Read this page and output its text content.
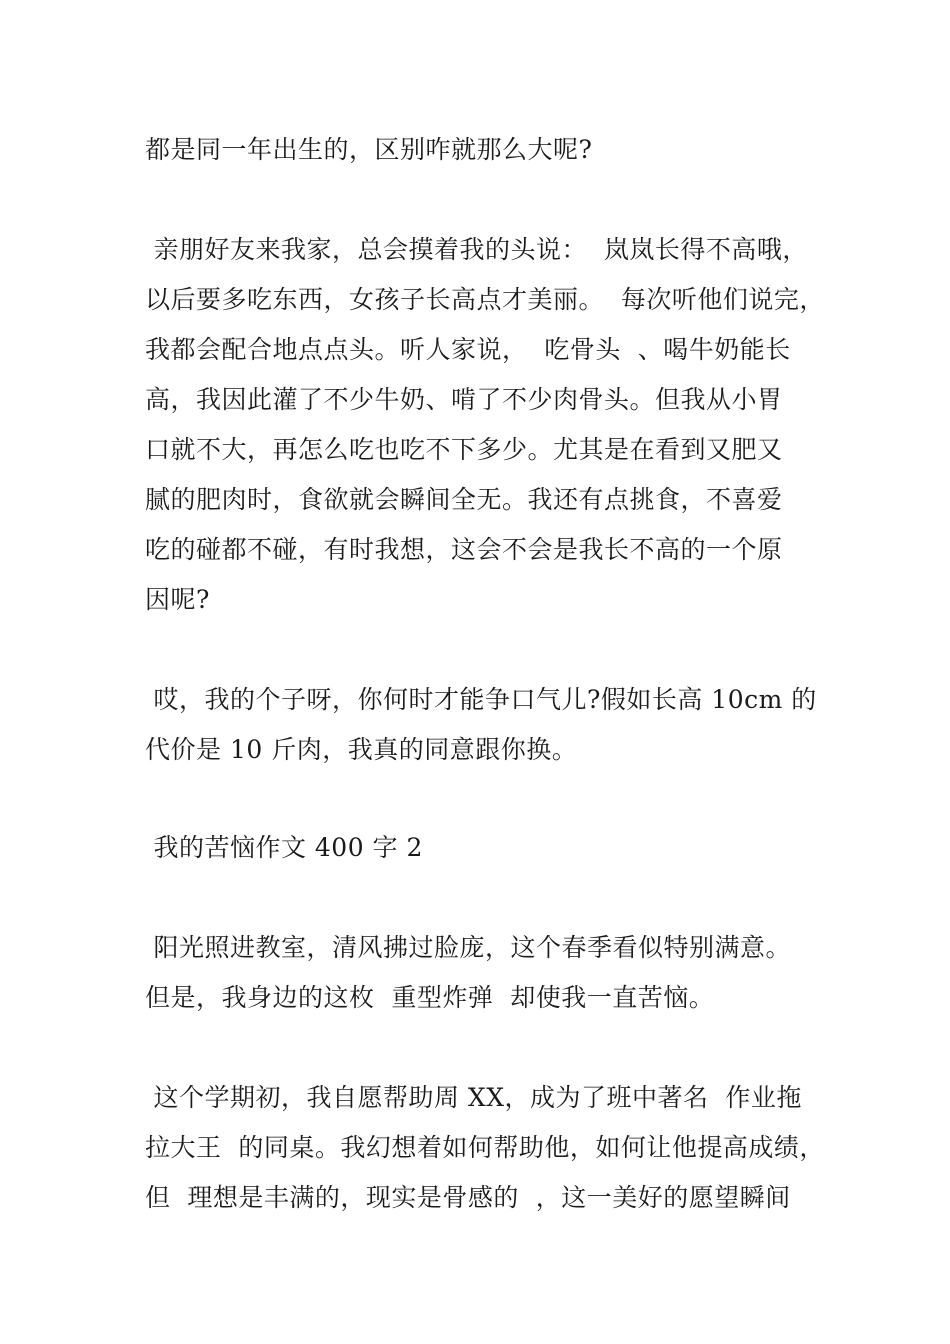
都是同一年出生的，区别咋就那么大呢?

亲朋好友来我家，总会摸着我的头说：  岚岚长得不高哦，

以后要多吃东西，女孩子长高点才美丽。  每次听他们说完，

我都会配合地点点头。听人家说，  吃骨头  、喝牛奶能长

高，我因此灌了不少牛奶、啃了不少肉骨头。但我从小胃

口就不大，再怎么吃也吃不下多少。尤其是在看到又肥又

腻的肥肉时，食欲就会瞬间全无。我还有点挑食，不喜爱

吃的碰都不碰，有时我想，这会不会是我长不高的一个原

因呢?

哎，我的个子呀，你何时才能争口气儿?假如长高 10cm 的

代价是 10 斤肉，我真的同意跟你换。

我的苦恼作文 400 字 2

阳光照进教室，清风拂过脸庞，这个春季看似特别满意。

但是，我身边的这枚  重型炸弹  却使我一直苦恼。

这个学期初，我自愿帮助周 XX，成为了班中著名  作业拖

拉大王  的同桌。我幻想着如何帮助他，如何让他提高成绩，

但  理想是丰满的，现实是骨感的  ，这一美好的愿望瞬间
